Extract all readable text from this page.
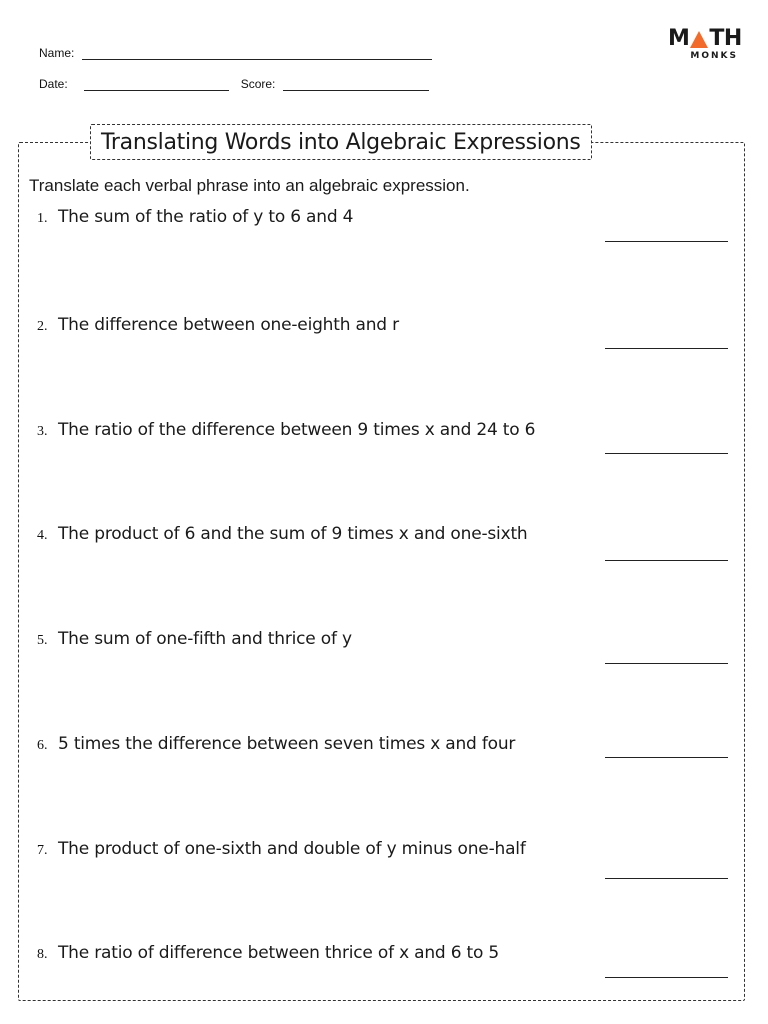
Name:
Date:	Score:
M TH
MONKS
Translating Words into Algebraic Expressions
Translate each verbal phrase into an algebraic expression.
1. The sum of the ratio of y to 6 and 4
2. The difference between one-eighth and r
3. The ratio of the difference between 9 times x and 24 to 6
4. The product of 6 and the sum of 9 times x and one-sixth
5. The sum of one-fifth and thrice of y
6. 5 times the difference between seven times x and four
7. The product of one-sixth and double of y minus one-half
8. The ratio of difference between thrice of x and 6 to 5
